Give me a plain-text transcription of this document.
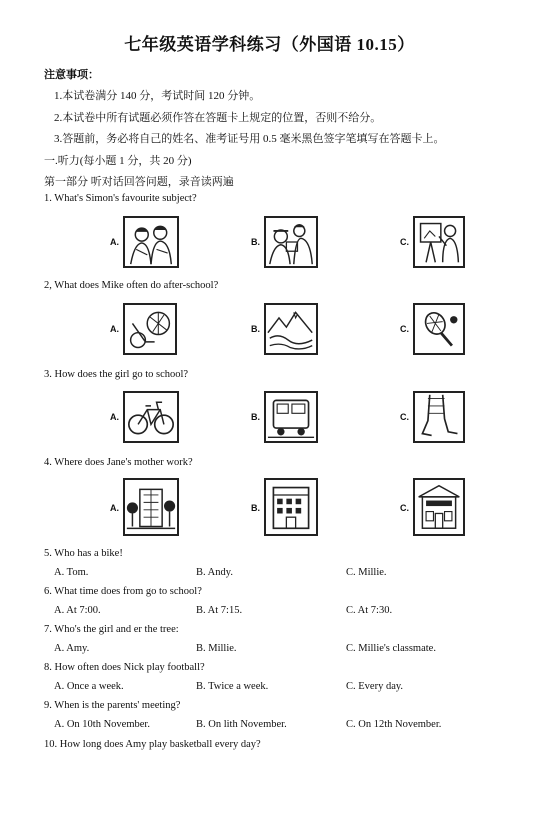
七年级英语学科练习（外国语 10.15）
注意事项：
1.本试卷满分 140 分，考试时间 120 分钟。
2.本试卷中所有试题必须作答在答题卡上规定的位置，否则不给分。
3.答题前，务必将自己的姓名、准考证号用 0.5 毫米黑色签字笔填写在答题卡上。
一.听力(每小题 1 分，共 20 分)
第一部分 听对话回答问题，录音读两遍
1. What's Simon's favourite subject?
A.	B.	C.
2, What does Mike often do after-school?
A.	B.	C.
3. How does the girl go to school?
A.	B.	C.
4. Where does Jane's mother work?
A.	B.	C.
5. Who has a bike!
A. Tom.	B. Andy.	C. Millie.
6. What time does from go to school?
A. At 7:00.	B. At 7:15.	C. At 7:30.
7. Who's the girl and er the tree:
A. Amy.	B. Millie.	C. Millie's classmate.
8. How often does Nick play football?
A. Once a week.	B. Twice a week.	C. Every day.
9. When is the parents' meeting?
A. On 10th November.	B. On lith November.	C. On 12th November.
10. How long does Amy play basketball every day?
